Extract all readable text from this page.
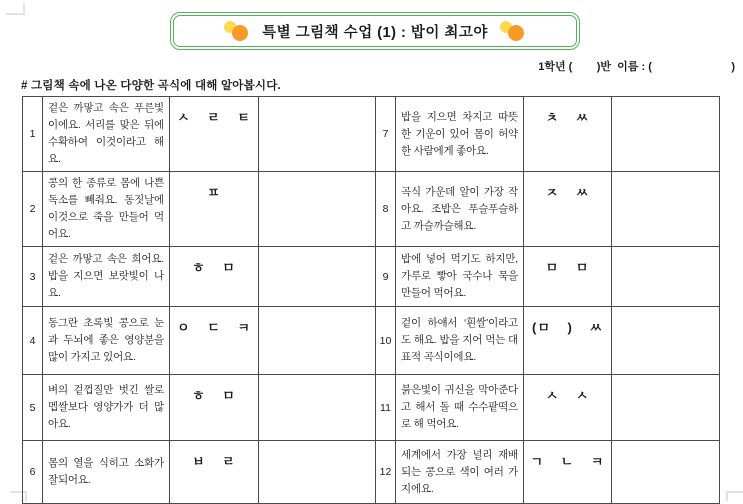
특별 그림책 수업 (1) : 밥이 최고야
1학년 (        )반  이름 : (                          )
# 그림책 속에 나온 다양한 곡식에 대해 알아봅시다.
1	겉은 까맣고 속은 푸른빛 이에요. 서리를 맞은 뒤에 수확하여 이것이라고 해요.	ㅅ ㄹ ㅌ		7	밥을 지으면 차지고 따뜻한 기운이 있어 몸이 허약한 사람에게 좋아요.	ㅊ ㅆ	
2	콩의 한 종류로 몸에 나쁜 독소를 빼줘요. 동짓날에 이것으로 죽을 만들어 먹어요.	ㅍ		8	곡식 가운데 알이 가장 작아요. 조밥은 푸슬푸슬하고 까슬까슬해요.	ㅈ ㅆ	
3	겉은 까맣고 속은 희어요. 밥을 지으면 보랏빛이 나요.	ㅎ ㅁ		9	밥에 넣어 먹기도 하지만, 가루로 빻아 국수나 묵을 만들어 먹어요.	ㅁ ㅁ	
4	동그란 초록빛 콩으로 눈과 두뇌에 좋은 영양분을 많이 가지고 있어요.	ㅇ ㄷ ㅋ		10	겉이 하얘서 ‘흰쌀’이라고도 해요. 밥을 지어 먹는 대표적 곡식이에요.	(ㅁ ) ㅆ	
5	벼의 겉껍질만 벗긴 쌀로 멥쌀보다 영양가가 더 많아요.	ㅎ ㅁ		11	붉은빛이 귀신을 막아준다고 해서 돌 때 수수팥떡으로 해 먹어요.	ㅅ ㅅ	
6	몸의 열을 식히고 소화가 잘되어요.	ㅂ ㄹ		12	세계에서 가장 널리 재배되는 콩으로 색이 여러 가지에요.	ㄱ ㄴ ㅋ	
